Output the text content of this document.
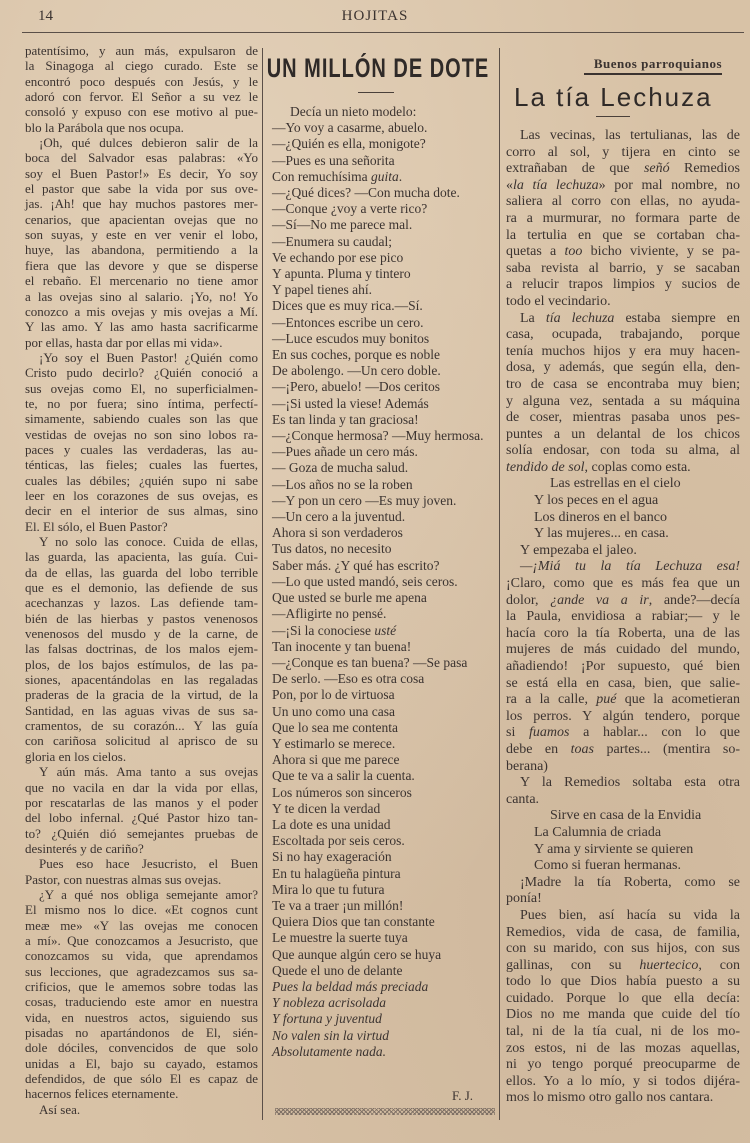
14	HOJITAS
patentísimo, y aun más, expulsaron de
la Sinagoga al ciego curado. Este se
encontró poco después con Jesús, y le
adoró con fervor. El Señor a su vez le
consoló y expuso con ese motivo al pue-
blo la Parábola que nos ocupa.
¡Oh, qué dulces debieron salir de la
boca del Salvador esas palabras: «Yo
soy el Buen Pastor!» Es decir, Yo soy
el pastor que sabe la vida por sus ove-
jas. ¡Ah! que hay muchos pastores mer-
cenarios, que apacientan ovejas que no
son suyas, y este en ver venir el lobo,
huye, las abandona, permitiendo a la
fiera que las devore y que se disperse
el rebaño. El mercenario no tiene amor
a las ovejas sino al salario. ¡Yo, no! Yo
conozco a mis ovejas y mis ovejas a Mí.
Y las amo. Y las amo hasta sacrificarme
por ellas, hasta dar por ellas mi vida».
¡Yo soy el Buen Pastor! ¿Quién como
Cristo pudo decirlo? ¿Quién conoció a
sus ovejas como El, no superficialmen-
te, no por fuera; sino íntima, perfectí-
simamente, sabiendo cuales son las que
vestidas de ovejas no son sino lobos ra-
paces y cuales las verdaderas, las au-
ténticas, las fieles; cuales las fuertes,
cuales las débiles; ¿quién supo ni sabe
leer en los corazones de sus ovejas, es
decir en el interior de sus almas, sino
El. El sólo, el Buen Pastor?
Y no solo las conoce. Cuida de ellas,
las guarda, las apacienta, las guía. Cui-
da de ellas, las guarda del lobo terrible
que es el demonio, las defiende de sus
acechanzas y lazos. Las defiende tam-
bién de las hierbas y pastos venenosos
venenosos del musdo y de la carne, de
las falsas doctrinas, de los malos ejem-
plos, de los bajos estímulos, de las pa-
siones, apacentándolas en las regaladas
praderas de la gracia de la virtud, de la
Santidad, en las aguas vivas de sus sa-
cramentos, de su corazón... Y las guía
con cariñosa solicitud al aprisco de su
gloria en los cielos.
Y aún más. Ama tanto a sus ovejas
que no vacila en dar la vida por ellas,
por rescatarlas de las manos y el poder
del lobo infernal. ¿Qué Pastor hizo tan-
to? ¿Quién dió semejantes pruebas de
desinterés y de cariño?
Pues eso hace Jesucristo, el Buen
Pastor, con nuestras almas sus ovejas.
¿Y a qué nos obliga semejante amor?
El mismo nos lo dice. «Et cognos cunt
meæ me» «Y las ovejas me conocen
a mí». Que conozcamos a Jesucristo, que
conozcamos su vida, que aprendamos
sus lecciones, que agradezcamos sus sa-
crificios, que le amemos sobre todas las
cosas, traduciendo este amor en nuestra
vida, en nuestros actos, siguiendo sus
pisadas no apartándonos de El, sién-
dole dóciles, convencidos de que solo
unidas a El, bajo su cayado, estamos
defendidos, de que sólo El es capaz de
hacernos felices eternamente.
Así sea.
UN MILLÓN DE DOTE
Decía un nieto modelo:
—Yo voy a casarme, abuelo.
—¿Quién es ella, monigote?
—Pues es una señorita
Con remuchísima guita.
—¿Qué dices? —Con mucha dote.
—Conque ¿voy a verte rico?
—Sí—No me parece mal.
—Enumera su caudal;
Ve echando por ese pico
Y apunta. Pluma y tintero
Y papel tienes ahí.
Dices que es muy rica.—Sí.
—Entonces escribe un cero.
—Luce escudos muy bonitos
En sus coches, porque es noble
De abolengo. —Un cero doble.
—¡Pero, abuelo! —Dos ceritos
—¡Si usted la viese! Además
Es tan linda y tan graciosa!
—¿Conque hermosa? —Muy hermosa.
—Pues añade un cero más.
— Goza de mucha salud.
—Los años no se la roben
—Y pon un cero —Es muy joven.
—Un cero a la juventud.
Ahora si son verdaderos
Tus datos, no necesito
Saber más. ¿Y qué has escrito?
—Lo que usted mandó, seis ceros.
Que usted se burle me apena
—Afligirte no pensé.
—¡Si la conociese usté
Tan inocente y tan buena!
—¿Conque es tan buena? —Se pasa
De serlo. —Eso es otra cosa
Pon, por lo de virtuosa
Un uno como una casa
Que lo sea me contenta
Y estimarlo se merece.
Ahora si que me parece
Que te va a salir la cuenta.
Los números son sinceros
Y te dicen la verdad
La dote es una unidad
Escoltada por seis ceros.
Si no hay exageración
En tu halagüeña pintura
Mira lo que tu futura
Te va a traer ¡un millón!
Quiera Dios que tan constante
Le muestre la suerte tuya
Que aunque algún cero se huya
Quede el uno de delante
Pues la beldad más preciada
Y nobleza acrisolada
Y fortuna y juventud
No valen sin la virtud
Absolutamente nada.
F. J.
Buenos parroquianos
La tía Lechuza
Las vecinas, las tertulianas, las de
corro al sol, y tijera en cinto se
extrañaban de que señó Remedios
«la tía lechuza» por mal nombre, no
saliera al corro con ellas, no ayuda-
ra a murmurar, no formara parte de
la tertulia en que se cortaban cha-
quetas a too bicho viviente, y se pa-
saba revista al barrio, y se sacaban
a relucir trapos limpios y sucios de
todo el vecindario.
La tía lechuza estaba siempre en
casa, ocupada, trabajando, porque
tenía muchos hijos y era muy hacen-
dosa, y además, que según ella, den-
tro de casa se encontraba muy bien;
y alguna vez, sentada a su máquina
de coser, mientras pasaba unos pes-
puntes a un delantal de los chicos
solía endosar, con toda su alma, al
tendido de sol, coplas como esta.
Las estrellas en el cielo
Y los peces en el agua
Los dineros en el banco
Y las mujeres... en casa.
Y empezaba el jaleo.
—¡Miá tu la tía Lechuza esa!
¡Claro, como que es más fea que un
dolor, ¿ande va a ir, ande?—decía
la Paula, envidiosa a rabiar;— y le
hacía coro la tía Roberta, una de las
mujeres de más cuidado del mundo,
añadiendo! ¡Por supuesto, qué bien
se está ella en casa, bien, que salie-
ra a la calle, pué que la acometieran
los perros. Y algún tendero, porque
si fuamos a hablar... con lo que
debe en toas partes... (mentira so-
berana)
Y la Remedios soltaba esta otra
canta.
Sirve en casa de la Envidia
La Calumnia de criada
Y ama y sirviente se quieren
Como si fueran hermanas.
¡Madre la tía Roberta, como se
ponía!
Pues bien, así hacía su vida la
Remedios, vida de casa, de familia,
con su marido, con sus hijos, con sus
gallinas, con su huertecico, con
todo lo que Dios había puesto a su
cuidado. Porque lo que ella decía:
Dios no me manda que cuide del tío
tal, ni de la tía cual, ni de los mo-
zos estos, ni de las mozas aquellas,
ni yo tengo porqué preocuparme de
ellos. Yo a lo mío, y si todos dijéra-
mos lo mismo otro gallo nos cantara.
